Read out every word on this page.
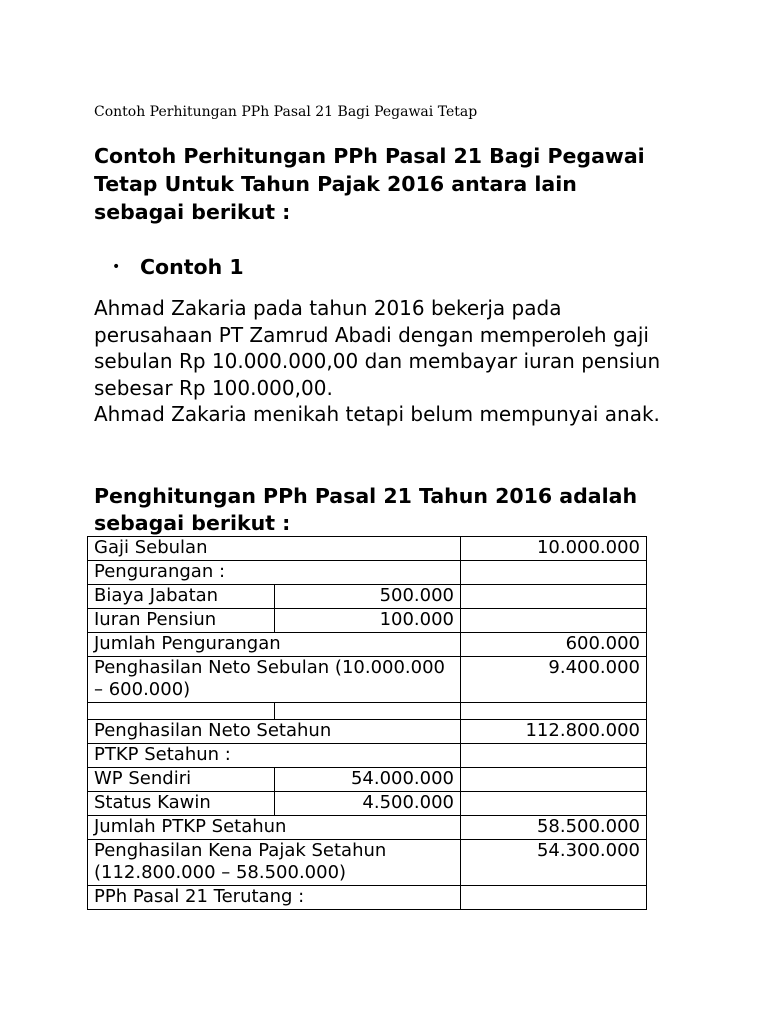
Contoh Perhitungan PPh Pasal 21 Bagi Pegawai Tetap
Contoh Perhitungan PPh Pasal 21 Bagi Pegawai Tetap Untuk Tahun Pajak 2016 antara lain sebagai berikut :
• Contoh 1

Ahmad Zakaria pada tahun 2016 bekerja pada perusahaan PT Zamrud Abadi dengan memperoleh gaji sebulan Rp 10.000.000,00 dan membayar iuran pensiun sebesar Rp 100.000,00.

Ahmad Zakaria menikah tetapi belum mempunyai anak.

Penghitungan PPh Pasal 21 Tahun 2016 adalah sebagai berikut :
Gaji Sebulan		10.000.000
Pengurangan :		
Biaya Jabatan	500.000	
Iuran Pensiun	100.000	
Jumlah Pengurangan		600.000
Penghasilan Neto Sebulan (10.000.000 – 600.000)		9.400.000

Penghasilan Neto Setahun		112.800.000
PTKP Setahun :		
WP Sendiri	54.000.000	
Status Kawin	4.500.000	
Jumlah PTKP Setahun		58.500.000
Penghasilan Kena Pajak Setahun (112.800.000 – 58.500.000)		54.300.000
PPh Pasal 21 Terutang :		
